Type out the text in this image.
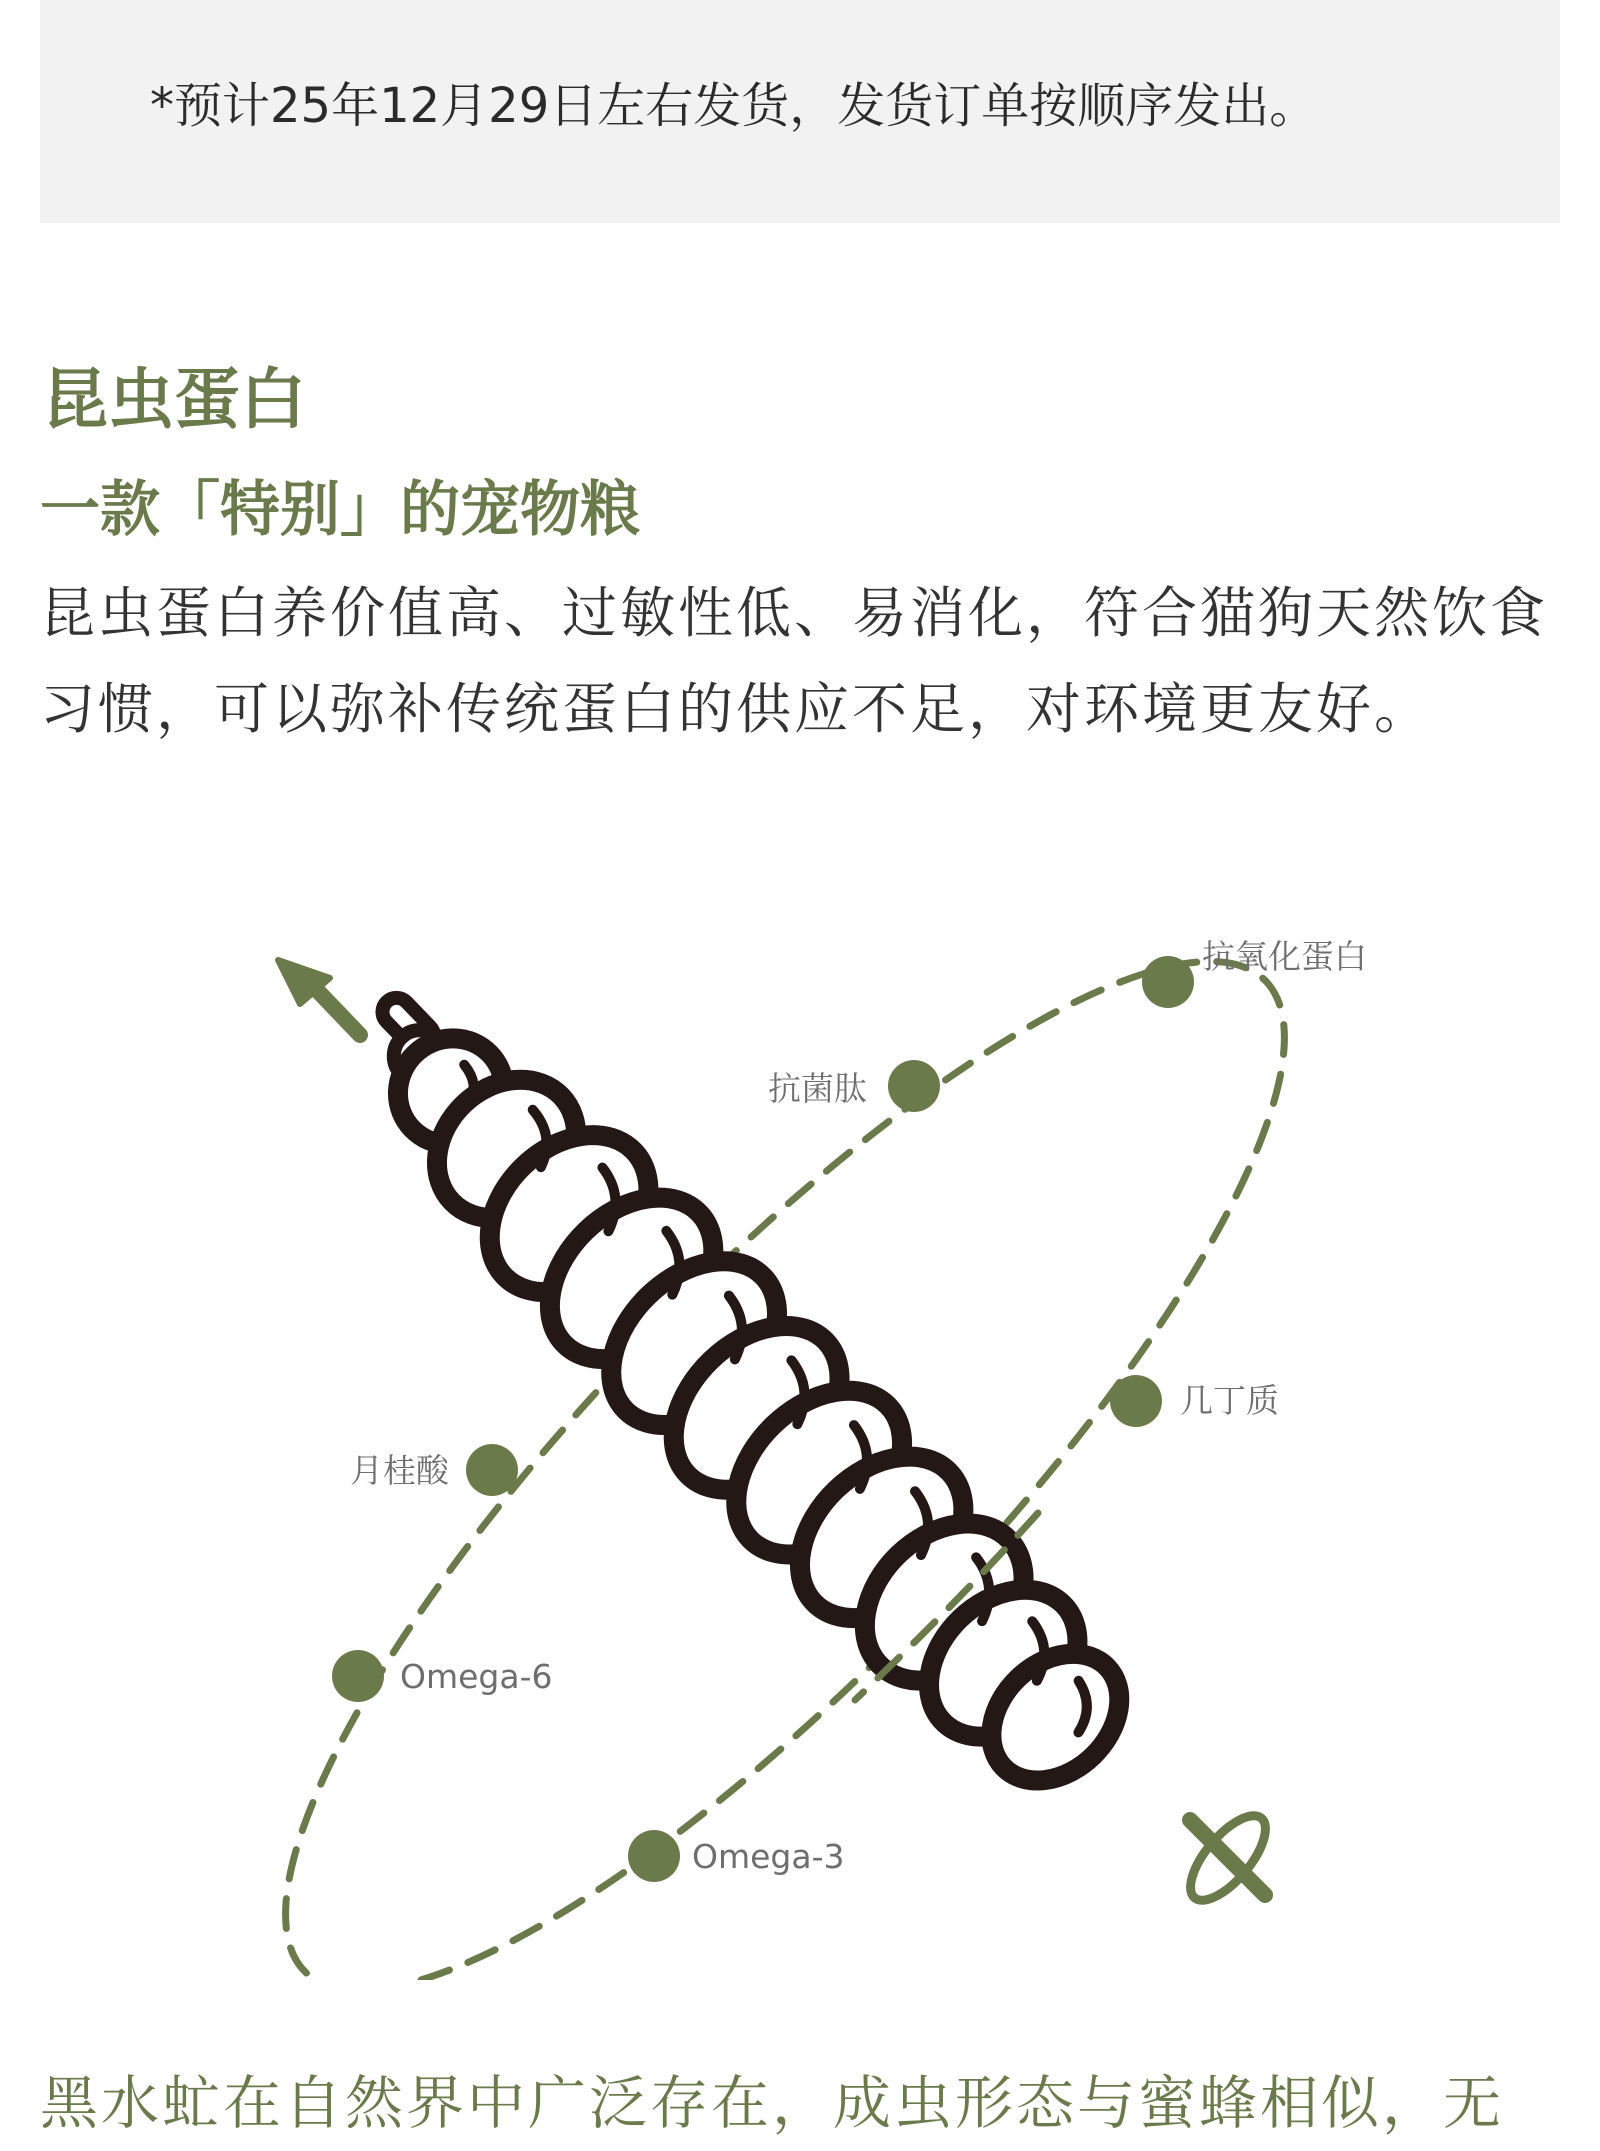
*预计25年12月29日左右发货，发货订单按顺序发出。
昆虫蛋白
一款「特别」的宠物粮

昆虫蛋白养价值高、过敏性低、易消化，符合猫狗天然饮食习惯，可以弥补传统蛋白的供应不足，对环境更友好。

抗氧化蛋白
抗菌肽
几丁质
月桂酸
Omega-6
Omega-3

黑水虻在自然界中广泛存在，成虫形态与蜜蜂相似，无
